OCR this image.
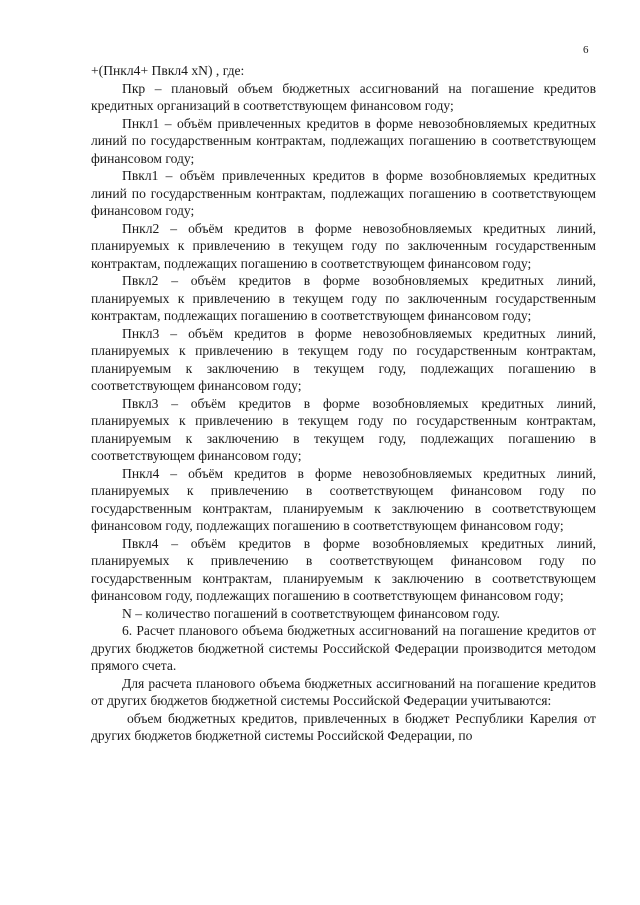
6

+(Пнкл4+ Пвкл4 xN) , где:

Пкр – плановый объем бюджетных ассигнований на погашение кредитов кредитных организаций в соответствующем финансовом году;

Пнкл1 – объём привлеченных кредитов в форме невозобновляемых кредитных линий по государственным контрактам, подлежащих погашению в соответствующем финансовом году;

Пвкл1 – объём привлеченных кредитов в форме возобновляемых кредитных линий по государственным контрактам, подлежащих погашению в соответствующем финансовом году;

Пнкл2 – объём кредитов в форме невозобновляемых кредитных линий, планируемых к привлечению в текущем году по заключенным государственным контрактам, подлежащих погашению в соответствующем финансовом году;

Пвкл2 – объём кредитов в форме возобновляемых кредитных линий, планируемых к привлечению в текущем году по заключенным государственным контрактам, подлежащих погашению в соответствующем финансовом году;

Пнкл3 – объём кредитов в форме невозобновляемых кредитных линий, планируемых к привлечению в текущем году по государственным контрактам, планируемым к заключению в текущем году, подлежащих погашению в соответствующем финансовом году;

Пвкл3 – объём кредитов в форме возобновляемых кредитных линий, планируемых к привлечению в текущем году по государственным контрактам, планируемым к заключению в текущем году, подлежащих погашению в соответствующем финансовом году;

Пнкл4 – объём кредитов в форме невозобновляемых кредитных линий, планируемых к привлечению в соответствующем финансовом году по государственным контрактам, планируемым к заключению в соответствующем финансовом году, подлежащих погашению в соответствующем финансовом году;

Пвкл4 – объём кредитов в форме возобновляемых кредитных линий, планируемых к привлечению в соответствующем финансовом году по государственным контрактам, планируемым к заключению в соответствующем финансовом году, подлежащих погашению в соответствующем финансовом году;

N – количество погашений в соответствующем финансовом году.

6. Расчет планового объема бюджетных ассигнований на погашение кредитов от других бюджетов бюджетной системы Российской Федерации производится методом прямого счета.

Для расчета планового объема бюджетных ассигнований на погашение кредитов от других бюджетов бюджетной системы Российской Федерации учитываются:

объем бюджетных кредитов, привлеченных в бюджет Республики Карелия от других бюджетов бюджетной системы Российской Федерации, по
